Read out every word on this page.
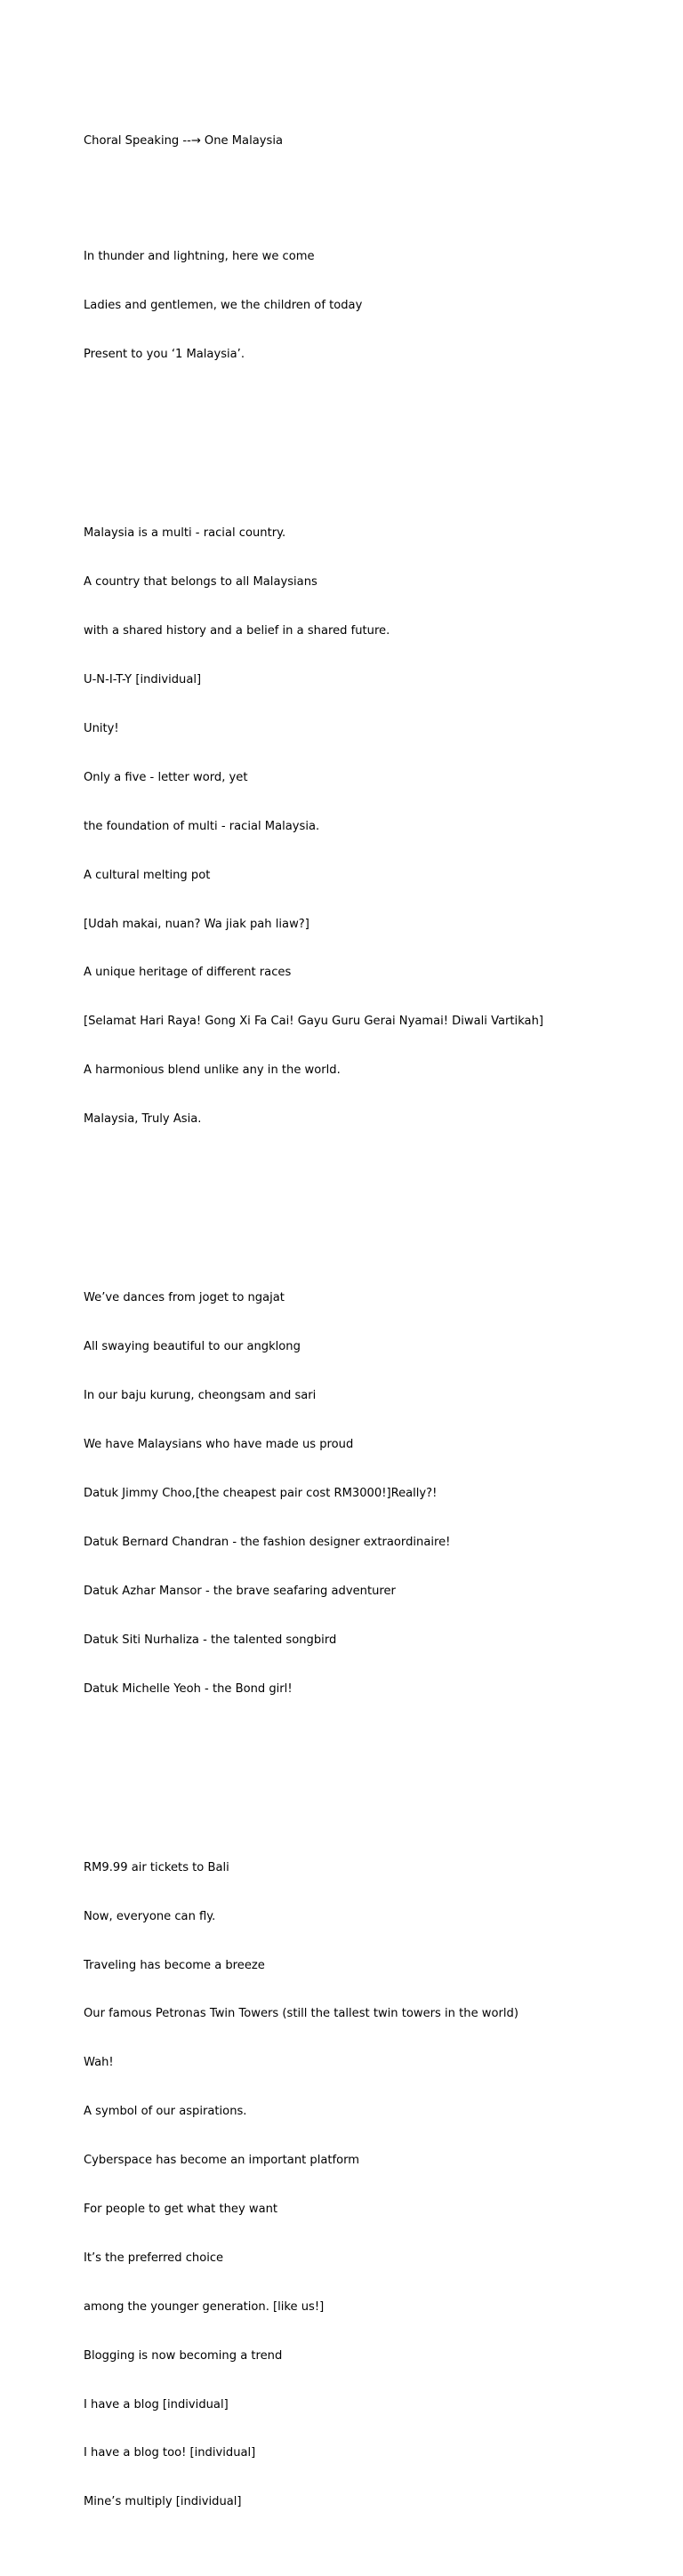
Choral Speaking --→ One Malaysia

In thunder and lightning, here we come

Ladies and gentlemen, we the children of today

Present to you ‘1 Malaysia’.

Malaysia is a multi - racial country.

A country that belongs to all Malaysians

with a shared history and a belief in a shared future.

U-N-I-T-Y [individual]

Unity!

Only a five - letter word, yet

the foundation of multi - racial Malaysia.

A cultural melting pot

[Udah makai, nuan? Wa jiak pah liaw?]

A unique heritage of different races

[Selamat Hari Raya! Gong Xi Fa Cai! Gayu Guru Gerai Nyamai! Diwali Vartikah]

A harmonious blend unlike any in the world.

Malaysia, Truly Asia.

We’ve dances from joget to ngajat

All swaying beautiful to our angklong

In our baju kurung, cheongsam and sari

We have Malaysians who have made us proud

Datuk Jimmy Choo,[the cheapest pair cost RM3000!]Really?!

Datuk Bernard Chandran - the fashion designer extraordinaire!

Datuk Azhar Mansor - the brave seafaring adventurer

Datuk Siti Nurhaliza - the talented songbird

Datuk Michelle Yeoh - the Bond girl!

RM9.99 air tickets to Bali

Now, everyone can fly.

Traveling has become a breeze

Our famous Petronas Twin Towers (still the tallest twin towers in the world)

Wah!

A symbol of our aspirations.

Cyberspace has become an important platform

For people to get what they want

It’s the preferred choice

among the younger generation. [like us!]

Blogging is now becoming a trend

I have a blog [individual]

I have a blog too! [individual]

Mine’s multiply [individual]
